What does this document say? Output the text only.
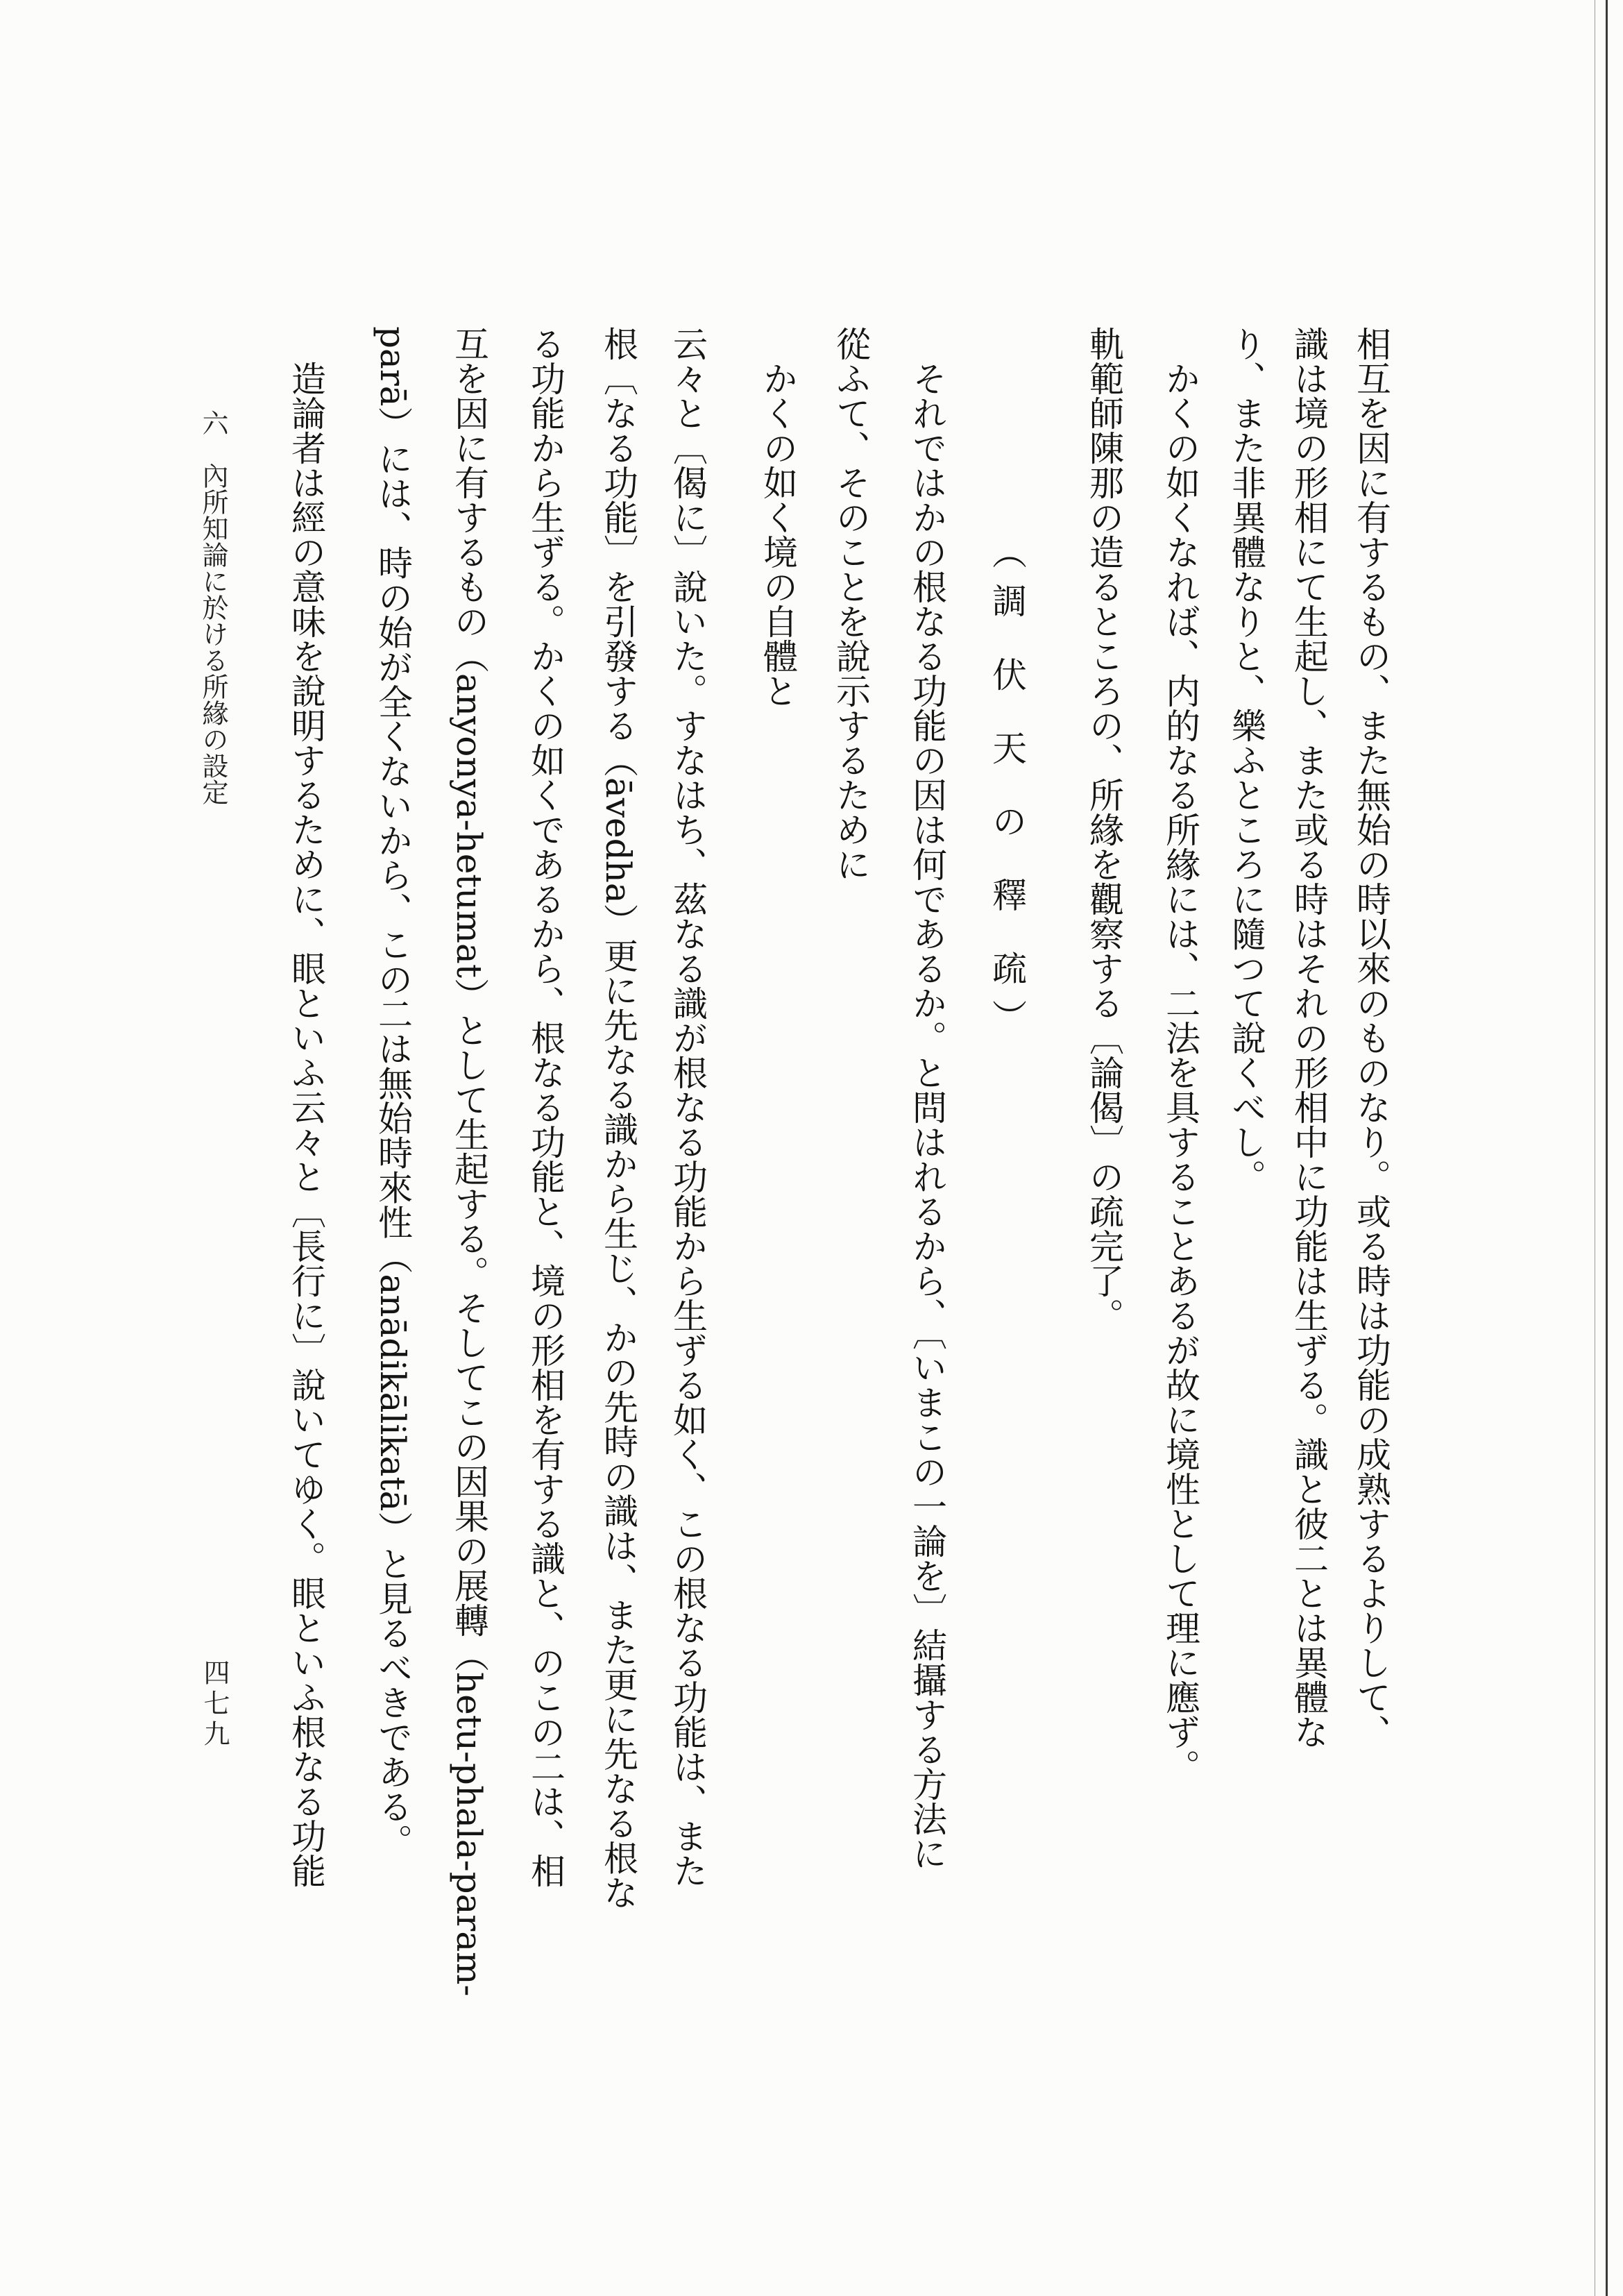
相互を因に有するもの、また無始の時以來のものなり。或る時は功能の成熟するよりして、
識は境の形相にて生起し、また或る時はそれの形相中に功能は生ずる。識と彼二とは異體な
り、また非異體なりと、樂ふところに隨つて說くべし。
かくの如くなれば、内的なる所緣には、二法を具することあるが故に境性として理に應ず。
軌範師陳那の造るところの、所緣を觀察する〔論偈〕の疏完了。
（調 伏 天 の 釋 疏）
それではかの根なる功能の因は何であるか。と問はれるから、〔いまこの一論を〕結攝する方法に
從ふて、そのことを說示するために
かくの如く境の自體と
云々と〔偈に〕說いた。すなはち、茲なる識が根なる功能から生ずる如く、この根なる功能は、また
根〔なる功能〕を引發する（āvedha）更に先なる識から生じ、かの先時の識は、また更に先なる根な
る功能から生ずる。かくの如くであるから、根なる功能と、境の形相を有する識と、のこの二は、相
互を因に有するもの（anyonya-hetumat）として生起する。そしてこの因果の展轉（hetu-phala-param-
parā）には、時の始が全くないから、この二は無始時來性（anādikālikatā）と見るべきである。
造論者は經の意味を說明するために、眼といふ云々と〔長行に〕說いてゆく。眼といふ根なる功能
六　內所知論に於ける所緣の設定
四七九
